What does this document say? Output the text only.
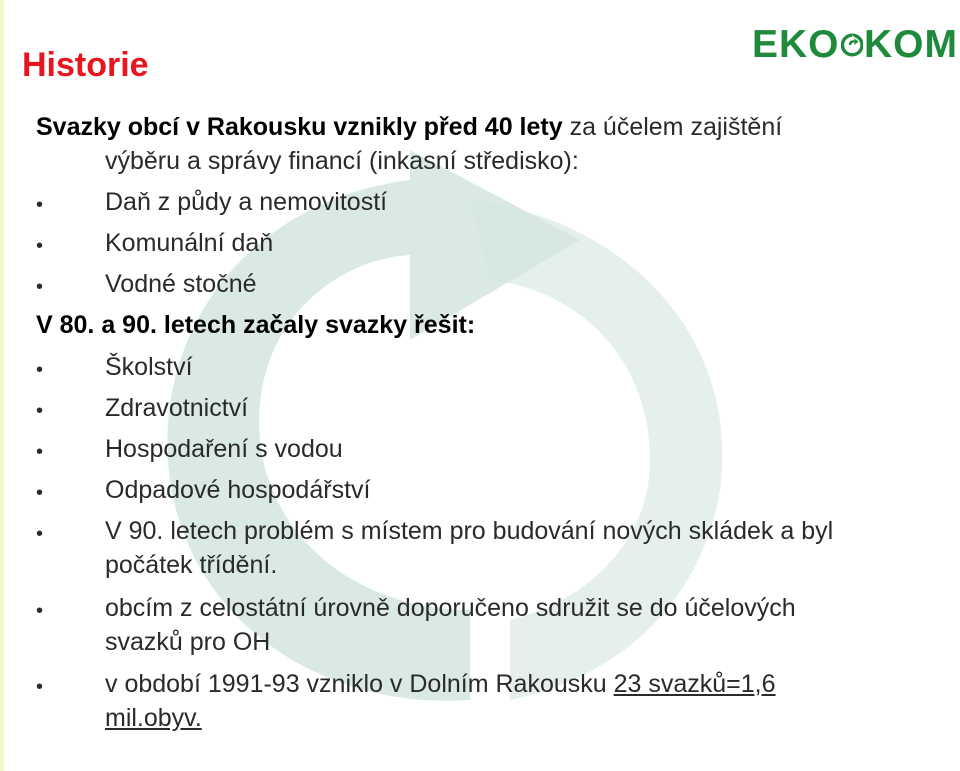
Historie	EKO KOM
Svazky obcí v Rakousku vznikly před 40 lety za účelem zajištění
výběru a správy financí (inkasní středisko):
• Daň z půdy a nemovitostí
• Komunální daň
• Vodné stočné
V 80. a 90. letech začaly svazky řešit:
• Školství
• Zdravotnictví
• Hospodaření s vodou
• Odpadové hospodářství
• V 90. letech problém s místem pro budování nových skládek a byl
počátek třídění.
• obcím z celostátní úrovně doporučeno sdružit se do účelových
svazků pro OH
• v období 1991-93 vzniklo v Dolním Rakousku 23 svazků=1,6
mil.obyv.
